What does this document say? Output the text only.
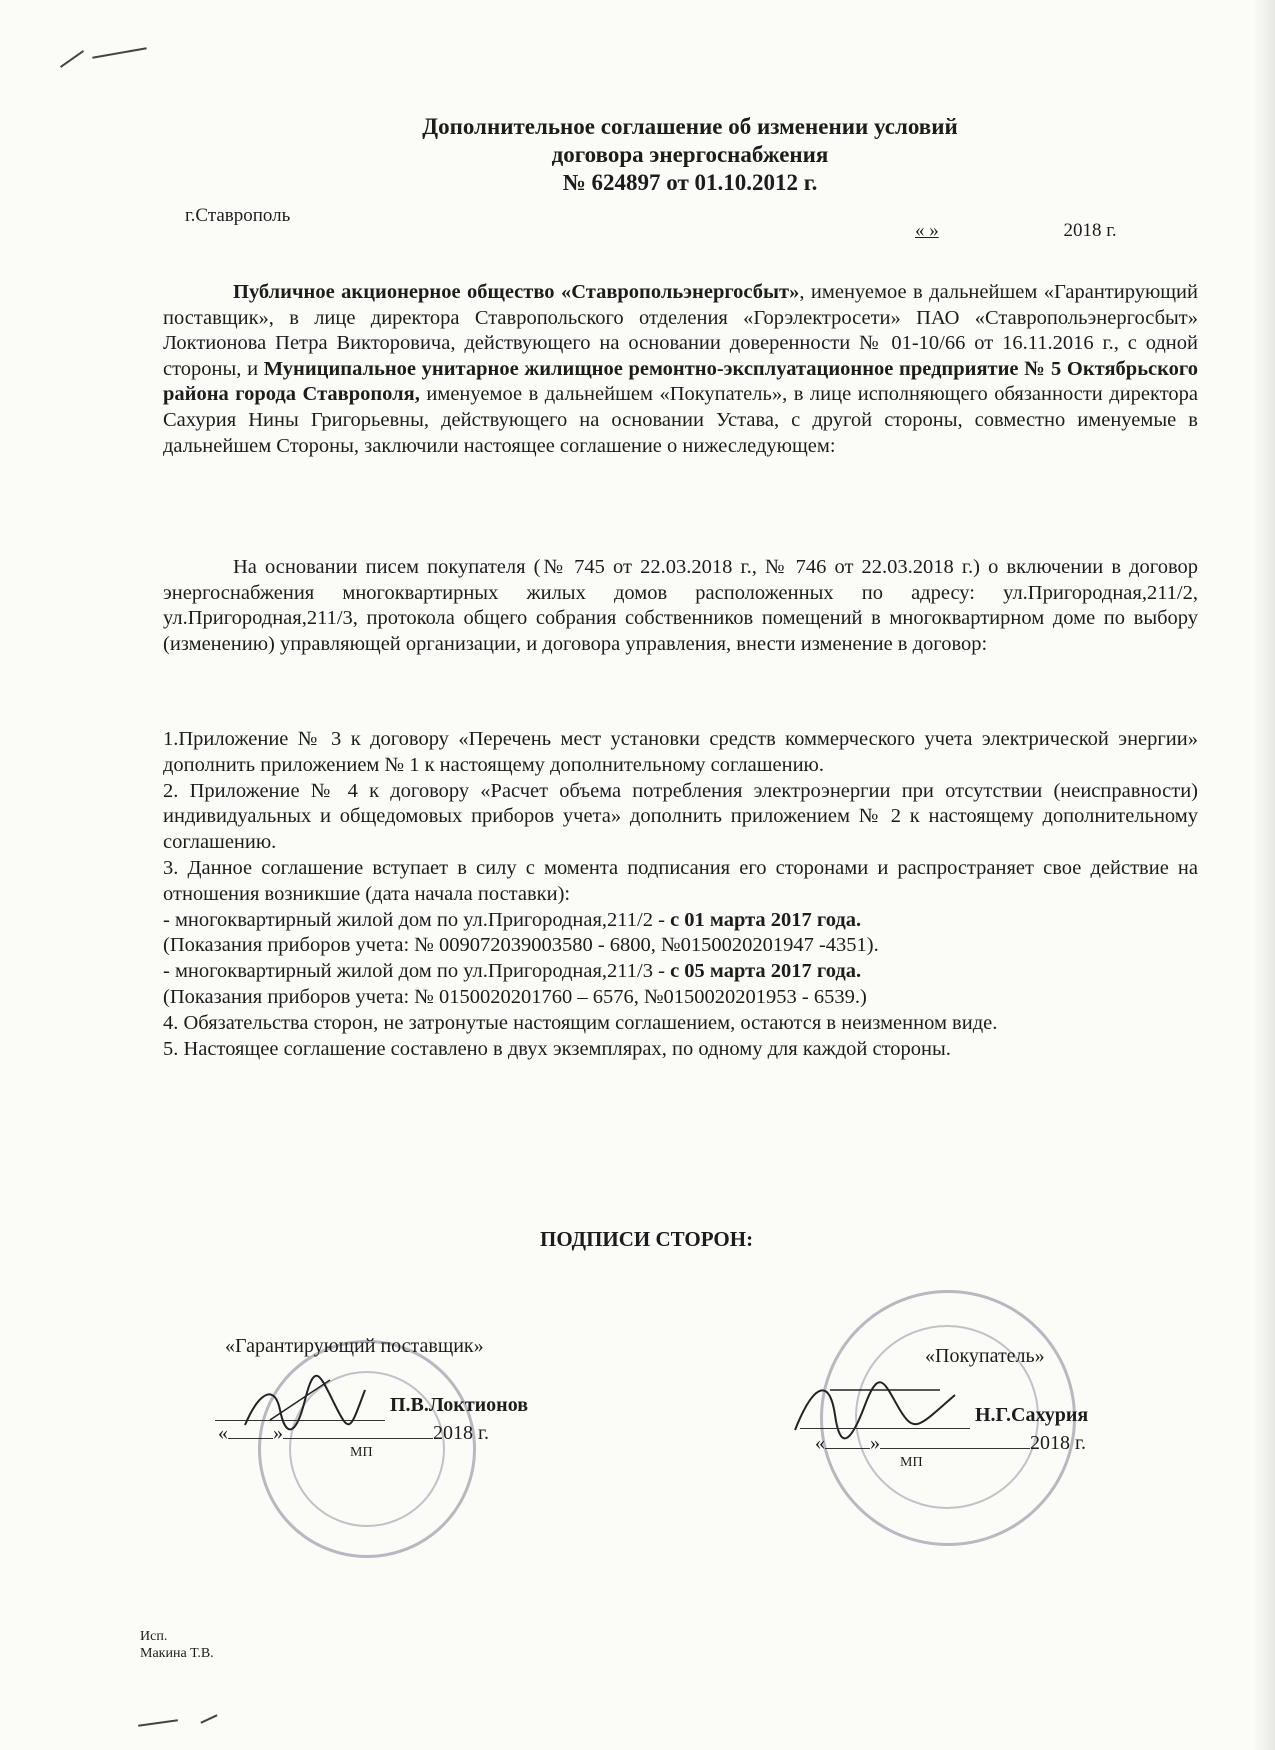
Дополнительное соглашение об изменении условий
договора энергоснабжения
№ 624897 от 01.10.2012 г.
г.Ставрополь
« »	2018 г.
Публичное акционерное общество «Ставропольэнергосбыт», именуемое в дальнейшем «Гарантирующий поставщик», в лице директора Ставропольского отделения «Горэлектросети» ПАО «Ставропольэнергосбыт» Локтионова Петра Викторовича, действующего на основании доверенности № 01-10/66 от 16.11.2016 г., с одной стороны, и Муниципальное унитарное жилищное ремонтно-эксплуатационное предприятие № 5 Октябрьского района города Ставрополя, именуемое в дальнейшем «Покупатель», в лице исполняющего обязанности директора Сахурия Нины Григорьевны, действующего на основании Устава, с другой стороны, совместно именуемые в дальнейшем Стороны, заключили настоящее соглашение о нижеследующем:
На основании писем покупателя (№ 745 от 22.03.2018 г., № 746 от 22.03.2018 г.) о включении в договор энергоснабжения многоквартирных жилых домов расположенных по адресу: ул.Пригородная,211/2, ул.Пригородная,211/3, протокола общего собрания собственников помещений в многоквартирном доме по выбору (изменению) управляющей организации, и договора управления, внести изменение в договор:
1.Приложение № 3 к договору «Перечень мест установки средств коммерческого учета электрической энергии» дополнить приложением № 1 к настоящему дополнительному соглашению.
2. Приложение № 4 к договору «Расчет объема потребления электроэнергии при отсутствии (неисправности) индивидуальных и общедомовых приборов учета» дополнить приложением № 2 к настоящему дополнительному соглашению.
3. Данное соглашение вступает в силу с момента подписания его сторонами и распространяет свое действие на отношения возникшие (дата начала поставки):
- многоквартирный жилой дом по ул.Пригородная,211/2 - с 01 марта 2017 года.
(Показания приборов учета: № 009072039003580 - 6800, №0150020201947 -4351).
- многоквартирный жилой дом по ул.Пригородная,211/3 - с 05 марта 2017 года.
(Показания приборов учета: № 0150020201760 – 6576, №0150020201953 - 6539.)
4. Обязательства сторон, не затронутые настоящим соглашением, остаются в неизменном виде.
5. Настоящее соглашение составлено в двух экземплярах, по одному для каждой стороны.
ПОДПИСИ СТОРОН:
«Гарантирующий поставщик»
П.В.Локтионов
« »	2018 г.
МП
«Покупатель»
Н.Г.Сахурия
« »	2018 г.
МП
Исп.
Макина Т.В.
